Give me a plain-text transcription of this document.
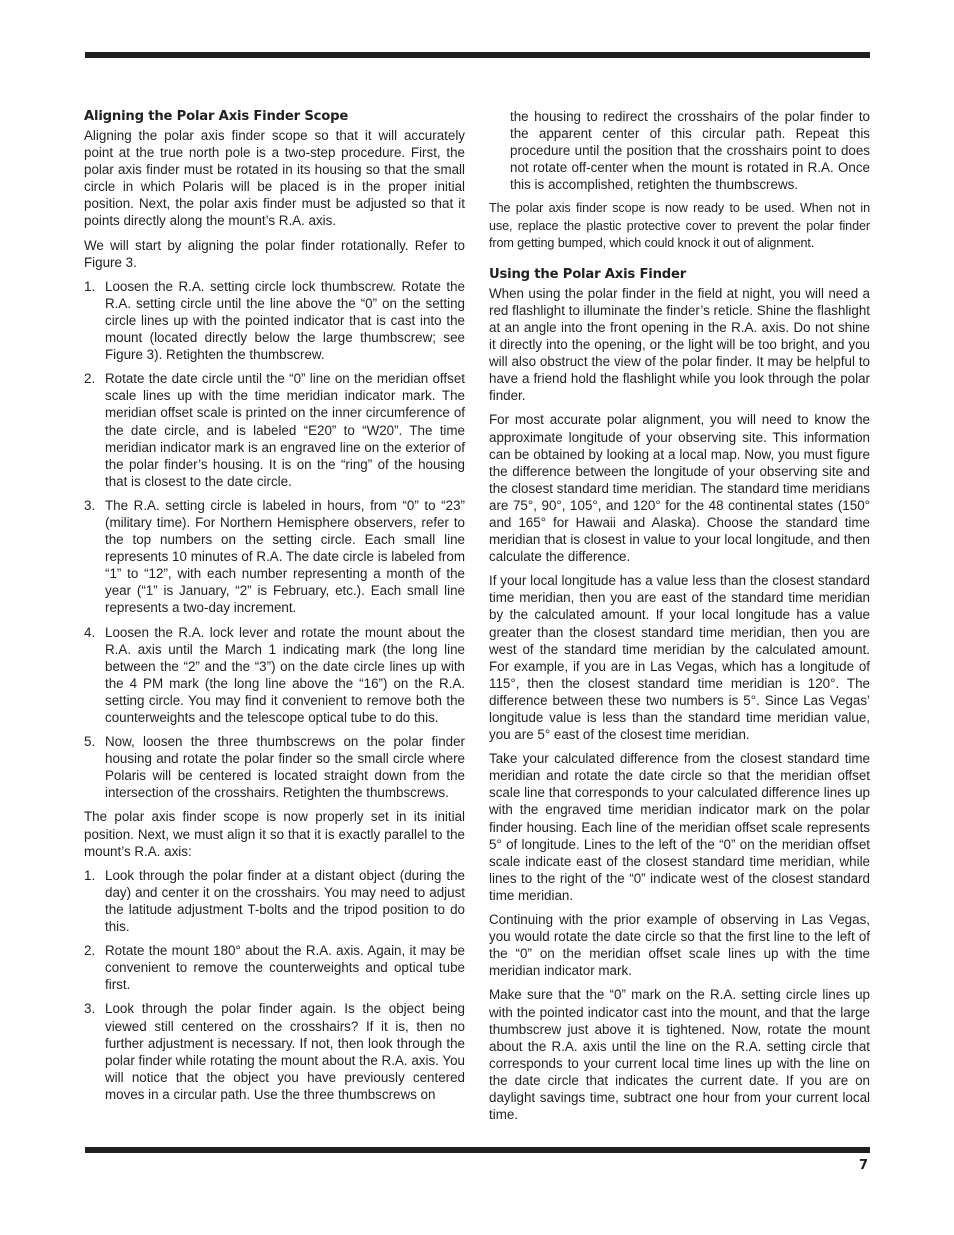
Aligning the Polar Axis Finder Scope

Aligning the polar axis finder scope so that it will accurately point at the true north pole is a two-step procedure. First, the polar axis finder must be rotated in its housing so that the small circle in which Polaris will be placed is in the proper initial position. Next, the polar axis finder must be adjusted so that it points directly along the mount’s R.A. axis.

We will start by aligning the polar finder rotationally. Refer to Figure 3.

1. Loosen the R.A. setting circle lock thumbscrew. Rotate the R.A. setting circle until the line above the “0” on the setting circle lines up with the pointed indicator that is cast into the mount (located directly below the large thumbscrew; see Figure 3). Retighten the thumbscrew.
2. Rotate the date circle until the “0” line on the meridian offset scale lines up with the time meridian indicator mark. The meridian offset scale is printed on the inner circumference of the date circle, and is labeled “E20” to “W20”. The time meridian indicator mark is an engraved line on the exterior of the polar finder’s housing. It is on the “ring” of the housing that is closest to the date circle.
3. The R.A. setting circle is labeled in hours, from “0” to “23” (military time). For Northern Hemisphere observers, refer to the top numbers on the setting circle. Each small line represents 10 minutes of R.A. The date circle is labeled from “1” to “12”, with each number representing a month of the year (“1” is January, “2” is February, etc.). Each small line represents a two-day increment.
4. Loosen the R.A. lock lever and rotate the mount about the R.A. axis until the March 1 indicating mark (the long line between the “2” and the “3”) on the date circle lines up with the 4 PM mark (the long line above the “16”) on the R.A. setting circle. You may find it convenient to remove both the counterweights and the telescope optical tube to do this.
5. Now, loosen the three thumbscrews on the polar finder housing and rotate the polar finder so the small circle where Polaris will be centered is located straight down from the intersection of the crosshairs. Retighten the thumbscrews.

The polar axis finder scope is now properly set in its initial position. Next, we must align it so that it is exactly parallel to the mount’s R.A. axis:

1. Look through the polar finder at a distant object (during the day) and center it on the crosshairs. You may need to adjust the latitude adjustment T-bolts and the tripod position to do this.
2. Rotate the mount 180° about the R.A. axis. Again, it may be convenient to remove the counterweights and optical tube first.
3. Look through the polar finder again. Is the object being viewed still centered on the crosshairs? If it is, then no further adjustment is necessary. If not, then look through the polar finder while rotating the mount about the R.A. axis. You will notice that the object you have previously centered moves in a circular path. Use the three thumbscrews on
the housing to redirect the crosshairs of the polar finder to the apparent center of this circular path. Repeat this procedure until the position that the crosshairs point to does not rotate off-center when the mount is rotated in R.A. Once this is accomplished, retighten the thumbscrews.

The polar axis finder scope is now ready to be used. When not in use, replace the plastic protective cover to prevent the polar finder from getting bumped, which could knock it out of alignment.

Using the Polar Axis Finder

When using the polar finder in the field at night, you will need a red flashlight to illuminate the finder’s reticle. Shine the flashlight at an angle into the front opening in the R.A. axis. Do not shine it directly into the opening, or the light will be too bright, and you will also obstruct the view of the polar finder. It may be helpful to have a friend hold the flashlight while you look through the polar finder.

For most accurate polar alignment, you will need to know the approximate longitude of your observing site. This information can be obtained by looking at a local map. Now, you must figure the difference between the longitude of your observing site and the closest standard time meridian. The standard time meridians are 75°, 90°, 105°, and 120° for the 48 continental states (150° and 165° for Hawaii and Alaska). Choose the standard time meridian that is closest in value to your local longitude, and then calculate the difference.

If your local longitude has a value less than the closest standard time meridian, then you are east of the standard time meridian by the calculated amount. If your local longitude has a value greater than the closest standard time meridian, then you are west of the standard time meridian by the calculated amount. For example, if you are in Las Vegas, which has a longitude of 115°, then the closest standard time meridian is 120°. The difference between these two numbers is 5°. Since Las Vegas’ longitude value is less than the standard time meridian value, you are 5° east of the closest time meridian.

Take your calculated difference from the closest standard time meridian and rotate the date circle so that the meridian offset scale line that corresponds to your calculated difference lines up with the engraved time meridian indicator mark on the polar finder housing. Each line of the meridian offset scale represents 5° of longitude. Lines to the left of the “0” on the meridian offset scale indicate east of the closest standard time meridian, while lines to the right of the “0” indicate west of the closest standard time meridian.

Continuing with the prior example of observing in Las Vegas, you would rotate the date circle so that the first line to the left of the “0” on the meridian offset scale lines up with the time meridian indicator mark.

Make sure that the “0” mark on the R.A. setting circle lines up with the pointed indicator cast into the mount, and that the large thumbscrew just above it is tightened. Now, rotate the mount about the R.A. axis until the line on the R.A. setting circle that corresponds to your current local time lines up with the line on the date circle that indicates the current date. If you are on daylight savings time, subtract one hour from your current local time.

7
